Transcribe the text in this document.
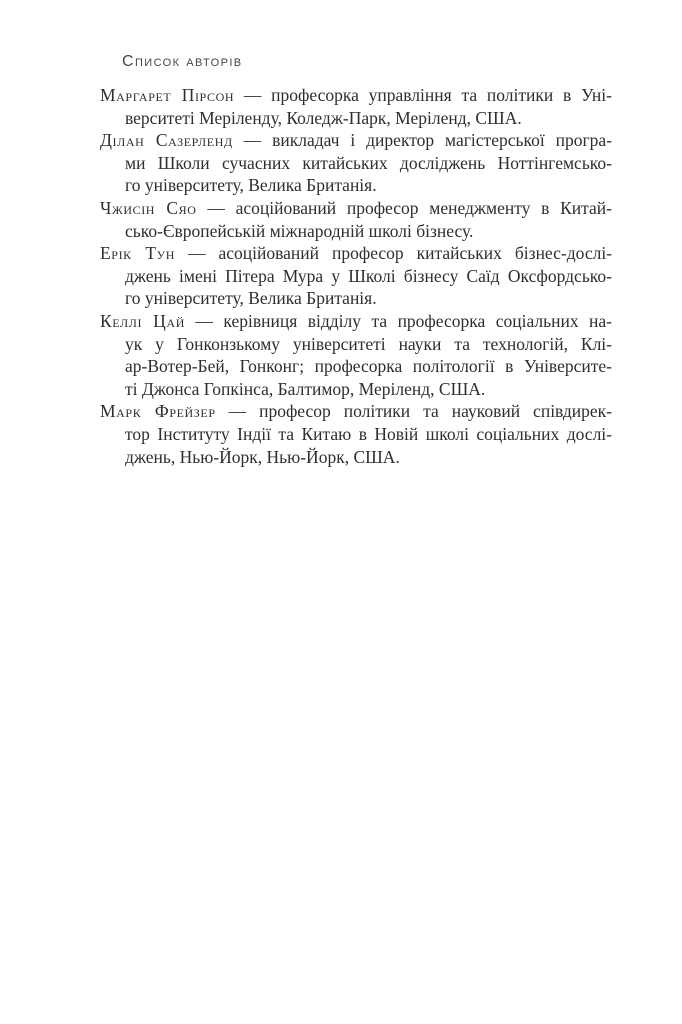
Список авторів
Маргарет Пірсон — професорка управління та політики в Уні-
верситеті Меріленду, Коледж-Парк, Меріленд, США.
Ділан Сазерленд — викладач і директор магістерської програ-
ми Школи сучасних китайських досліджень Ноттінгемсько-
го університету, Велика Британія.
Чжисін Сяо — асоційований професор менеджменту в Китай-
сько-Європейській міжнародній школі бізнесу.
Ерік Тун — асоційований професор китайських бізнес-дослі-
джень імені Пітера Мура у Школі бізнесу Саїд Оксфордсько-
го університету, Велика Британія.
Келлі Цай — керівниця відділу та професорка соціальних на-
ук у Гонконзькому університеті науки та технологій, Клі-
ар-Вотер-Бей, Гонконг; професорка політології в Університе-
ті Джонса Гопкінса, Балтимор, Меріленд, США.
Марк Фрейзер — професор політики та науковий співдирек-
тор Інституту Індії та Китаю в Новій школі соціальних дослі-
джень, Нью-Йорк, Нью-Йорк, США.
